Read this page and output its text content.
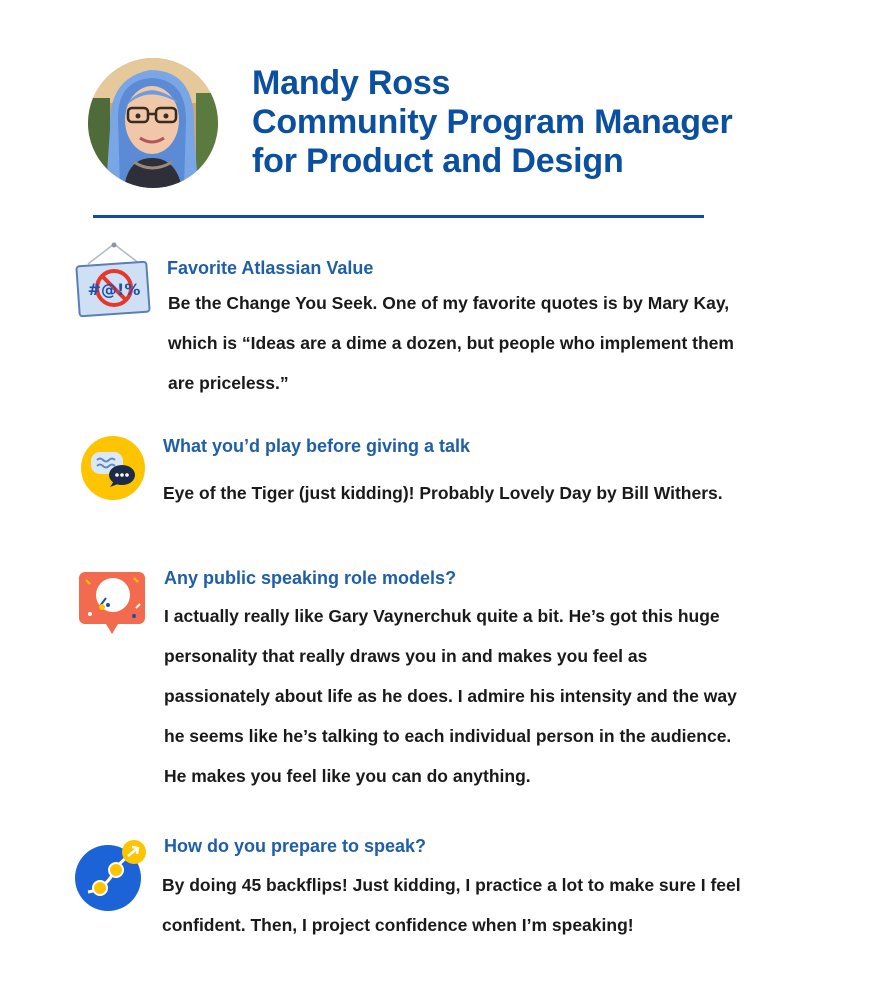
Mandy Ross
Community Program Manager
for Product and Design
#@!%
Favorite Atlassian Value
Be the Change You Seek. One of my favorite quotes is by Mary Kay,
which is “Ideas are a dime a dozen, but people who implement them
are priceless.”
What you’d play before giving a talk
Eye of the Tiger (just kidding)! Probably Lovely Day by Bill Withers.
Any public speaking role models?
I actually really like Gary Vaynerchuk quite a bit. He’s got this huge
personality that really draws you in and makes you feel as
passionately about life as he does. I admire his intensity and the way
he seems like he’s talking to each individual person in the audience.
He makes you feel like you can do anything.
How do you prepare to speak?
By doing 45 backflips! Just kidding, I practice a lot to make sure I feel
confident. Then, I project confidence when I’m speaking!
